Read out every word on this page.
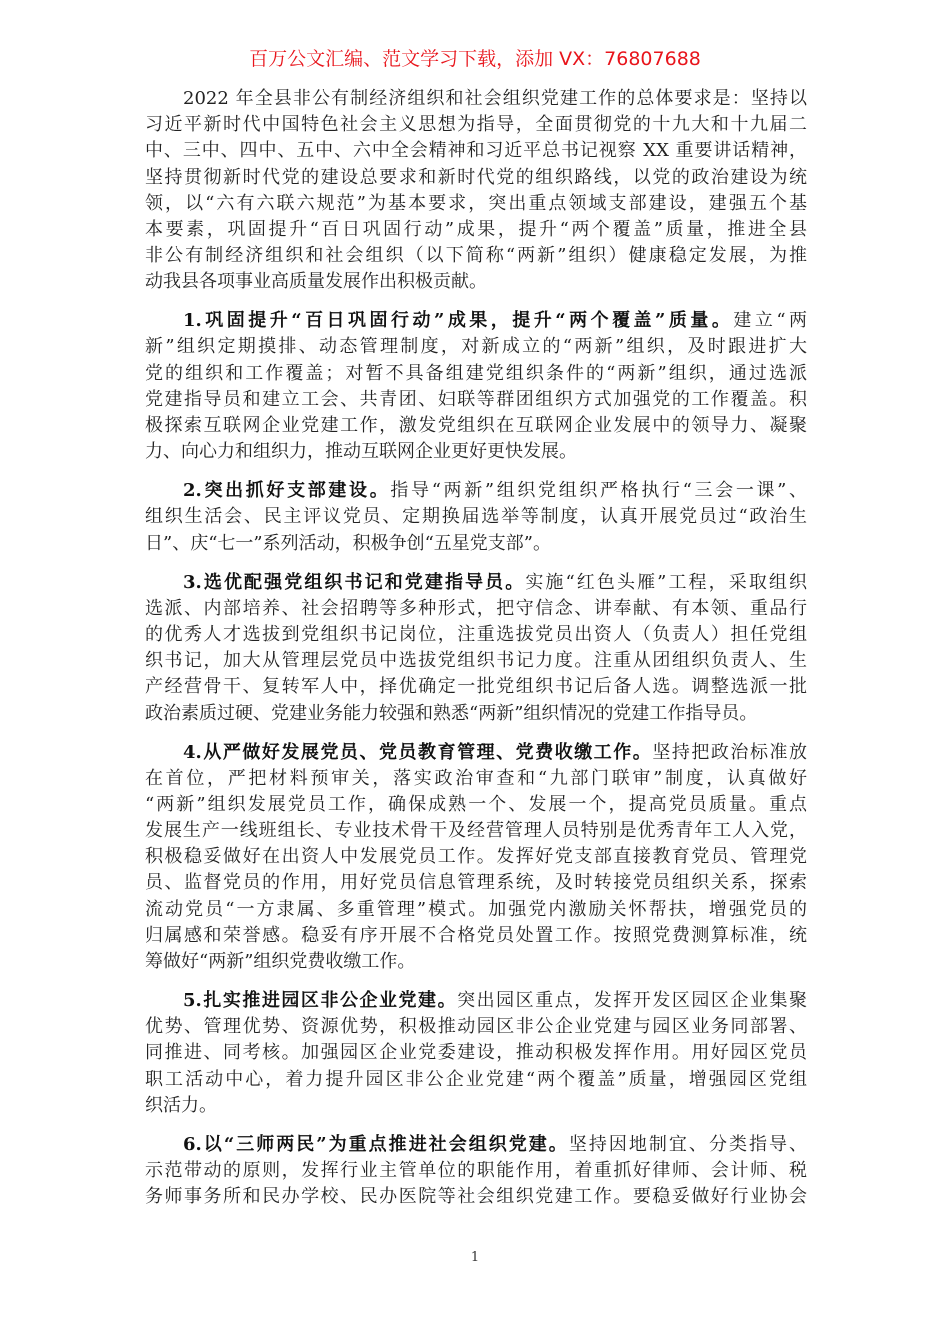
百万公文汇编、范文学习下载，添加 VX：76807688
2022 年全县非公有制经济组织和社会组织党建工作的总体要求是：坚持以
习近平新时代中国特色社会主义思想为指导，全面贯彻党的十九大和十九届二
中、三中、四中、五中、六中全会精神和习近平总书记视察 XX 重要讲话精神，
坚持贯彻新时代党的建设总要求和新时代党的组织路线，以党的政治建设为统
领，以“六有六联六规范”为基本要求，突出重点领域支部建设，建强五个基
本要素，巩固提升“百日巩固行动”成果，提升“两个覆盖”质量，推进全县
非公有制经济组织和社会组织（以下简称“两新”组织）健康稳定发展，为推
动我县各项事业高质量发展作出积极贡献。
1.巩固提升“百日巩固行动”成果，提升“两个覆盖”质量。建立“两
新”组织定期摸排、动态管理制度，对新成立的“两新”组织，及时跟进扩大
党的组织和工作覆盖；对暂不具备组建党组织条件的“两新”组织，通过选派
党建指导员和建立工会、共青团、妇联等群团组织方式加强党的工作覆盖。积
极探索互联网企业党建工作，激发党组织在互联网企业发展中的领导力、凝聚
力、向心力和组织力，推动互联网企业更好更快发展。
2.突出抓好支部建设。指导“两新”组织党组织严格执行“三会一课”、
组织生活会、民主评议党员、定期换届选举等制度，认真开展党员过“政治生
日”、庆“七一”系列活动，积极争创“五星党支部”。
3.选优配强党组织书记和党建指导员。实施“红色头雁”工程，采取组织
选派、内部培养、社会招聘等多种形式，把守信念、讲奉献、有本领、重品行
的优秀人才选拔到党组织书记岗位，注重选拔党员出资人（负责人）担任党组
织书记，加大从管理层党员中选拔党组织书记力度。注重从团组织负责人、生
产经营骨干、复转军人中，择优确定一批党组织书记后备人选。调整选派一批
政治素质过硬、党建业务能力较强和熟悉“两新”组织情况的党建工作指导员。
4.从严做好发展党员、党员教育管理、党费收缴工作。坚持把政治标准放
在首位，严把材料预审关，落实政治审查和“九部门联审”制度，认真做好
“两新”组织发展党员工作，确保成熟一个、发展一个，提高党员质量。重点
发展生产一线班组长、专业技术骨干及经营管理人员特别是优秀青年工人入党，
积极稳妥做好在出资人中发展党员工作。发挥好党支部直接教育党员、管理党
员、监督党员的作用，用好党员信息管理系统，及时转接党员组织关系，探索
流动党员“一方隶属、多重管理”模式。加强党内激励关怀帮扶，增强党员的
归属感和荣誉感。稳妥有序开展不合格党员处置工作。按照党费测算标准，统
筹做好“两新”组织党费收缴工作。
5.扎实推进园区非公企业党建。突出园区重点，发挥开发区园区企业集聚
优势、管理优势、资源优势，积极推动园区非公企业党建与园区业务同部署、
同推进、同考核。加强园区企业党委建设，推动积极发挥作用。用好园区党员
职工活动中心，着力提升园区非公企业党建“两个覆盖”质量，增强园区党组
织活力。
6.以“三师两民”为重点推进社会组织党建。坚持因地制宜、分类指导、
示范带动的原则，发挥行业主管单位的职能作用，着重抓好律师、会计师、税
务师事务所和民办学校、民办医院等社会组织党建工作。要稳妥做好行业协会
1
